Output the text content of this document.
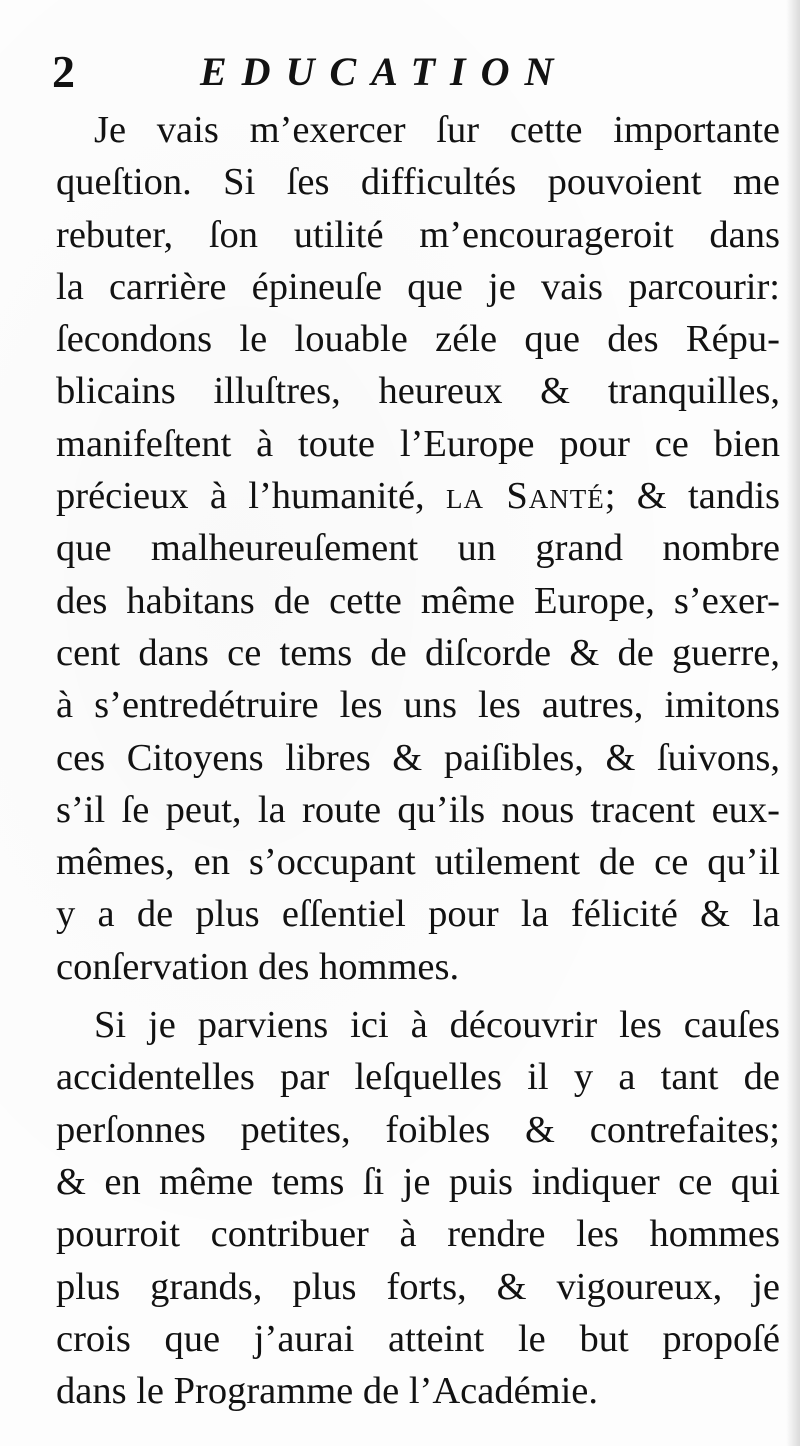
2	EDUCATION
Je vais m’exercer ſur cette importante
queſtion. Si ſes difficultés pouvoient me
rebuter, ſon utilité m’encourageroit dans
la carrière épineuſe que je vais parcourir:
ſecondons le louable zéle que des Répu-
blicains illuſtres, heureux & tranquilles,
manifeſtent à toute l’Europe pour ce bien
précieux à l’humanité, la Santé; & tandis
que malheureuſement un grand nombre
des habitans de cette même Europe, s’exer-
cent dans ce tems de diſcorde & de guerre,
à s’entredétruire les uns les autres, imitons
ces Citoyens libres & paiſibles, & ſuivons,
s’il ſe peut, la route qu’ils nous tracent eux-
mêmes, en s’occupant utilement de ce qu’il
y a de plus eſſentiel pour la félicité & la
conſervation des hommes.
Si je parviens ici à découvrir les cauſes
accidentelles par leſquelles il y a tant de
perſonnes petites, foibles & contrefaites;
& en même tems ſi je puis indiquer ce qui
pourroit contribuer à rendre les hommes
plus grands, plus forts, & vigoureux, je
crois que j’aurai atteint le but propoſé
dans le Programme de l’Académie.
